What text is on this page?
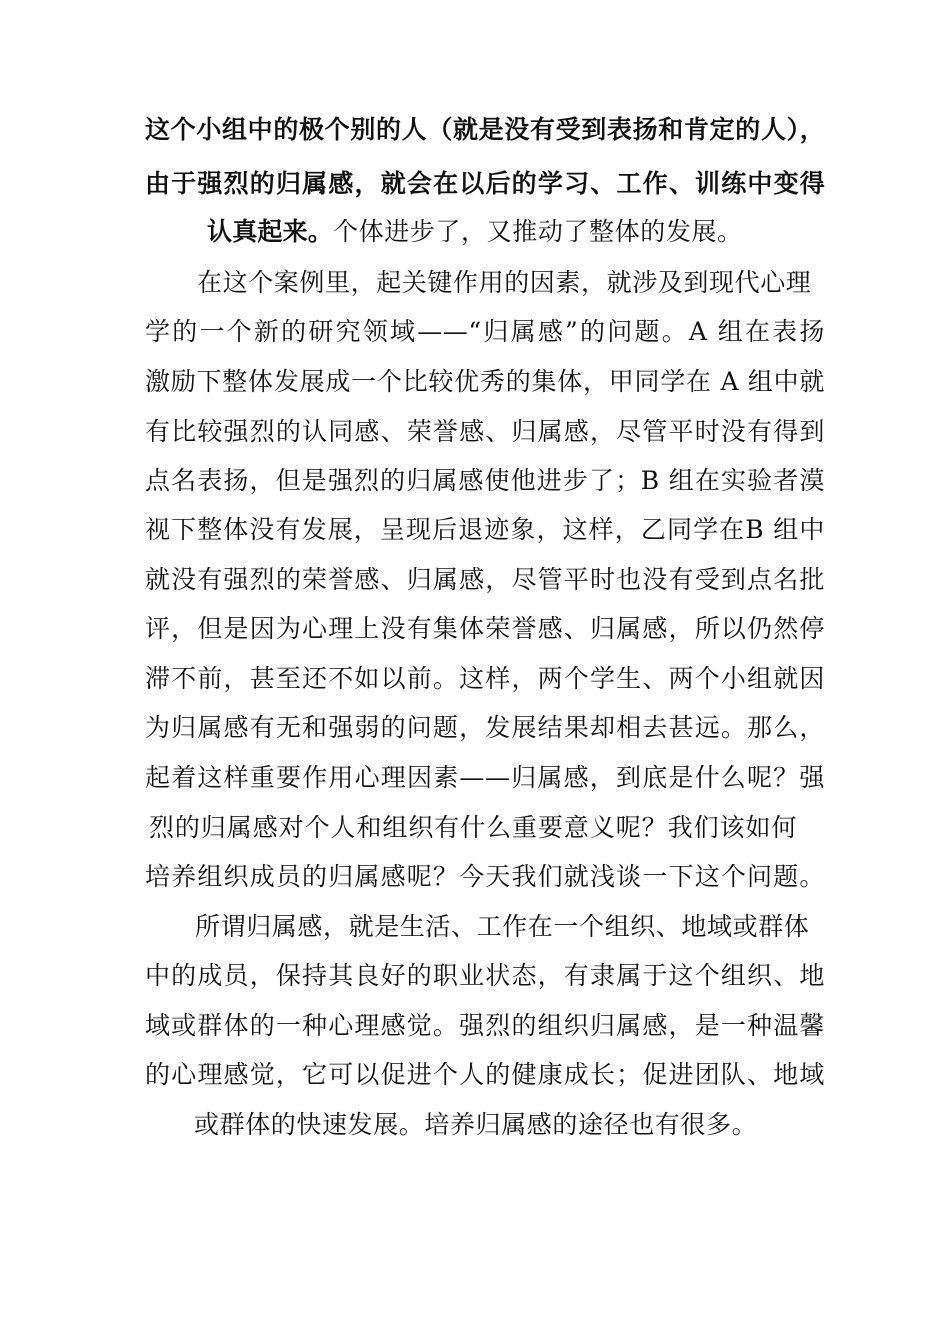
这个小组中的极个别的人（就是没有受到表扬和肯定的人），
由于强烈的归属感，就会在以后的学习、工作、训练中变得
认真起来。个体进步了，又推动了整体的发展。
在这个案例里，起关键作用的因素，就涉及到现代心理
学的一个新的研究领域——“归属感”的问题。A 组在表扬
激励下整体发展成一个比较优秀的集体，甲同学在 A 组中就
有比较强烈的认同感、荣誉感、归属感，尽管平时没有得到
点名表扬，但是强烈的归属感使他进步了；B 组在实验者漠
视下整体没有发展，呈现后退迹象，这样，乙同学在B 组中
就没有强烈的荣誉感、归属感，尽管平时也没有受到点名批
评，但是因为心理上没有集体荣誉感、归属感，所以仍然停
滞不前，甚至还不如以前。这样，两个学生、两个小组就因
为归属感有无和强弱的问题，发展结果却相去甚远。那么，
起着这样重要作用心理因素——归属感，到底是什么呢？强
烈的归属感对个人和组织有什么重要意义呢？我们该如何
培养组织成员的归属感呢？今天我们就浅谈一下这个问题。
所谓归属感，就是生活、工作在一个组织、地域或群体
中的成员，保持其良好的职业状态，有隶属于这个组织、地
域或群体的一种心理感觉。强烈的组织归属感，是一种温馨
的心理感觉，它可以促进个人的健康成长；促进团队、地域
或群体的快速发展。培养归属感的途径也有很多。
